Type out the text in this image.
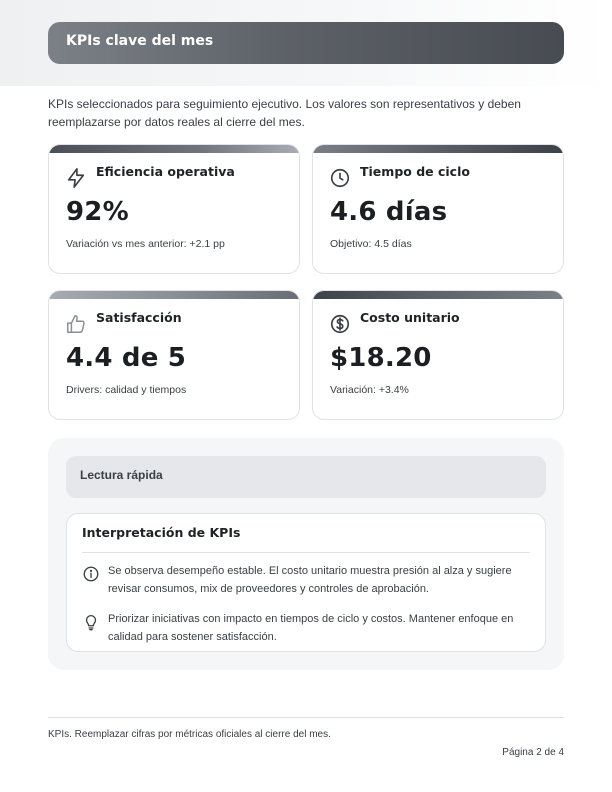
KPIs clave del mes
KPIs seleccionados para seguimiento ejecutivo. Los valores son representativos y deben reemplazarse por datos reales al cierre del mes.
Eficiencia operativa
92%
Variación vs mes anterior: +2.1 pp
Tiempo de ciclo
4.6 días
Objetivo: 4.5 días
Satisfacción
4.4 de 5
Drivers: calidad y tiempos
Costo unitario
$18.20
Variación: +3.4%
Lectura rápida
Interpretación de KPIs
Se observa desempeño estable. El costo unitario muestra presión al alza y sugiere revisar consumos, mix de proveedores y controles de aprobación.
Priorizar iniciativas con impacto en tiempos de ciclo y costos. Mantener enfoque en calidad para sostener satisfacción.
KPIs. Reemplazar cifras por métricas oficiales al cierre del mes.
Página 2 de 4
